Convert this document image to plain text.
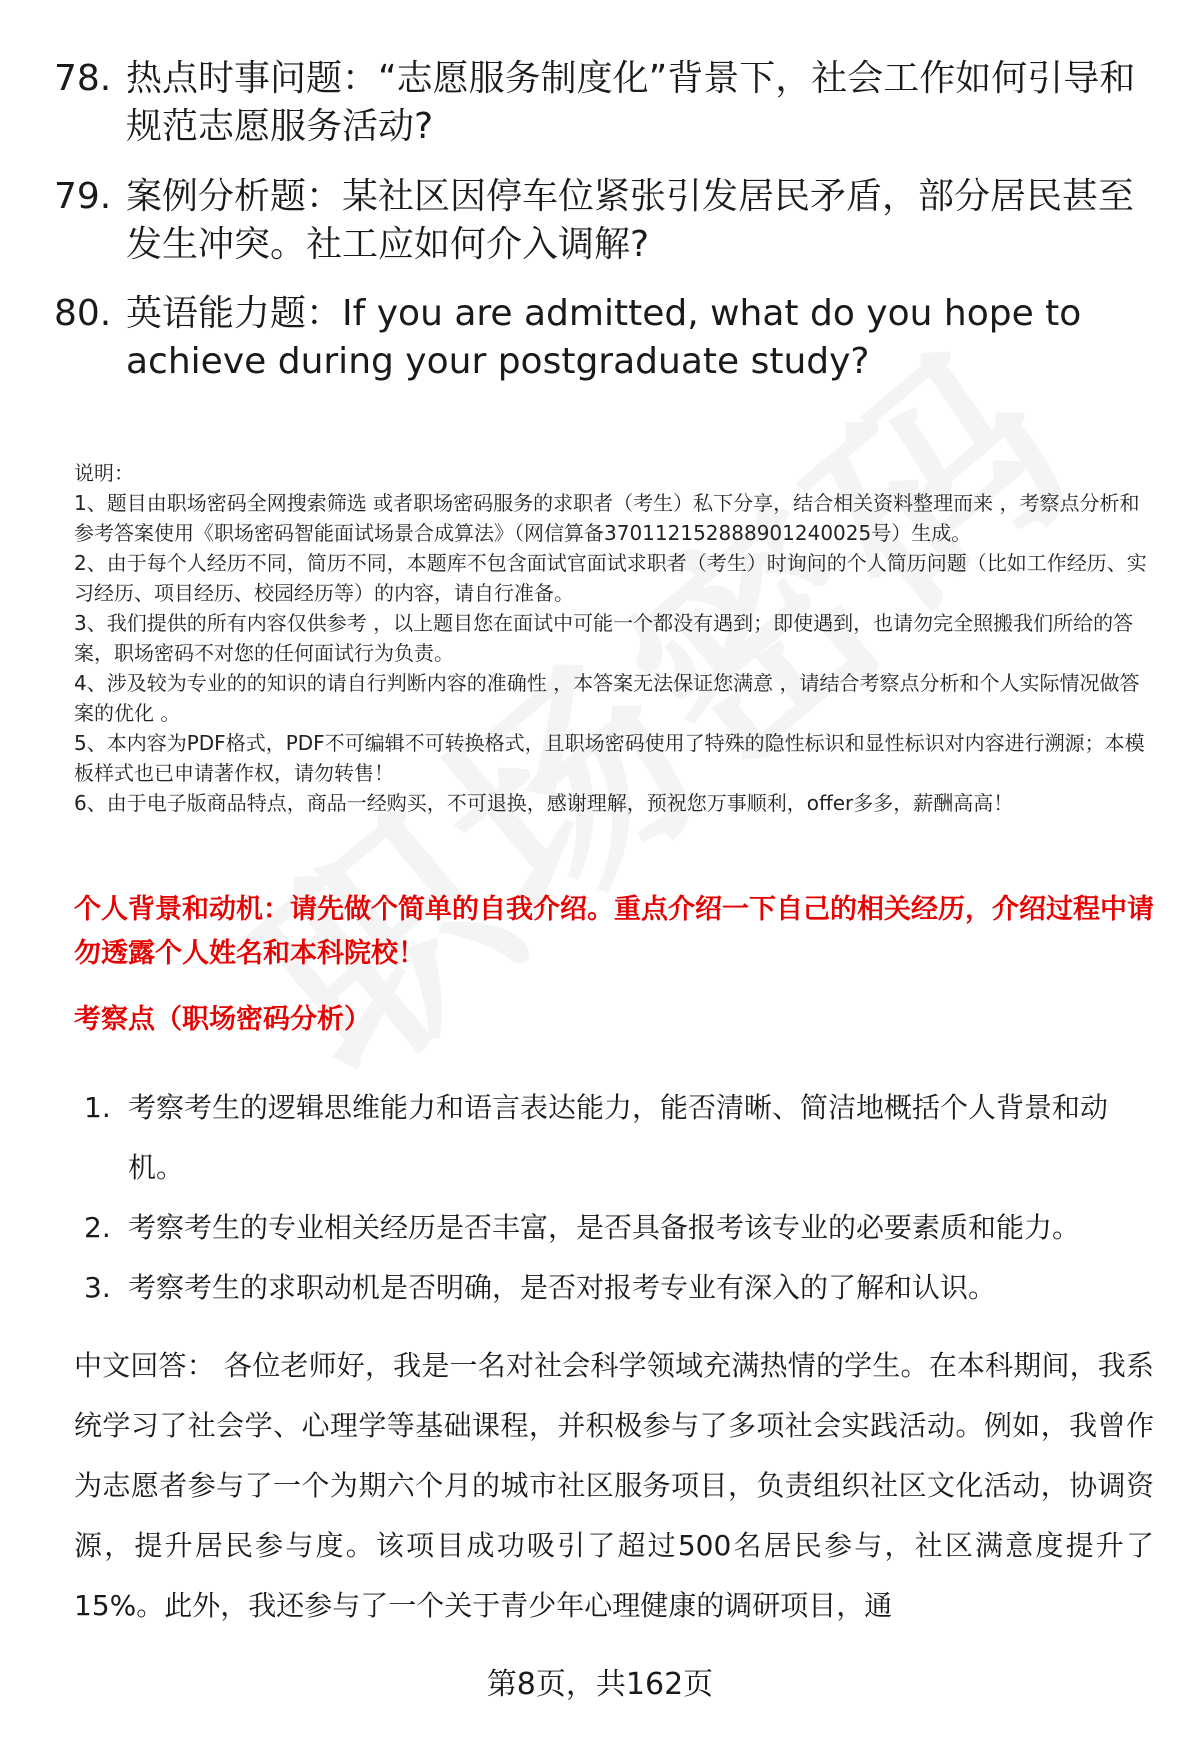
78. 热点时事问题：“志愿服务制度化”背景下，社会工作如何引导和规范志愿服务活动?
79. 案例分析题：某社区因停车位紧张引发居民矛盾，部分居民甚至发生冲突。社工应如何介入调解?
80. 英语能力题：If you are admitted, what do you hope to achieve during your postgraduate study?

说明：

1、题目由职场密码全网搜索筛选 或者职场密码服务的求职者（考生）私下分享，结合相关资料整理而来 ，考察点分析和参考答案使用《职场密码智能面试场景合成算法》（网信算备370112152888901240025号）生成。

2、由于每个人经历不同，简历不同，本题库不包含面试官面试求职者（考生）时询问的个人简历问题（比如工作经历、实习经历、项目经历、校园经历等）的内容，请自行准备。

3、我们提供的所有内容仅供参考 ，以上题目您在面试中可能一个都没有遇到；即使遇到，也请勿完全照搬我们所给的答案，职场密码不对您的任何面试行为负责。

4、涉及较为专业的的知识的请自行判断内容的准确性 ，本答案无法保证您满意 ，请结合考察点分析和个人实际情况做答案的优化 。

5、本内容为PDF格式，PDF不可编辑不可转换格式，且职场密码使用了特殊的隐性标识和显性标识对内容进行溯源；本模板样式也已申请著作权，请勿转售！

6、由于电子版商品特点，商品一经购买，不可退换，感谢理解，预祝您万事顺利，offer多多，薪酬高高！

个人背景和动机：请先做个简单的自我介绍。重点介绍一下自己的相关经历，介绍过程中请勿透露个人姓名和本科院校！
考察点（职场密码分析）
1. 考察考生的逻辑思维能力和语言表达能力，能否清晰、简洁地概括个人背景和动机。
2. 考察考生的专业相关经历是否丰富，是否具备报考该专业的必要素质和能力。
3. 考察考生的求职动机是否明确，是否对报考专业有深入的了解和认识。
中文回答： 各位老师好，我是一名对社会科学领域充满热情的学生。在本科期间，我系统学习了社会学、心理学等基础课程，并积极参与了多项社会实践活动。例如，我曾作为志愿者参与了一个为期六个月的城市社区服务项目，负责组织社区文化活动，协调资源，提升居民参与度。该项目成功吸引了超过500名居民参与，社区满意度提升了15%。此外，我还参与了一个关于青少年心理健康的调研项目，通
第8页，共162页
